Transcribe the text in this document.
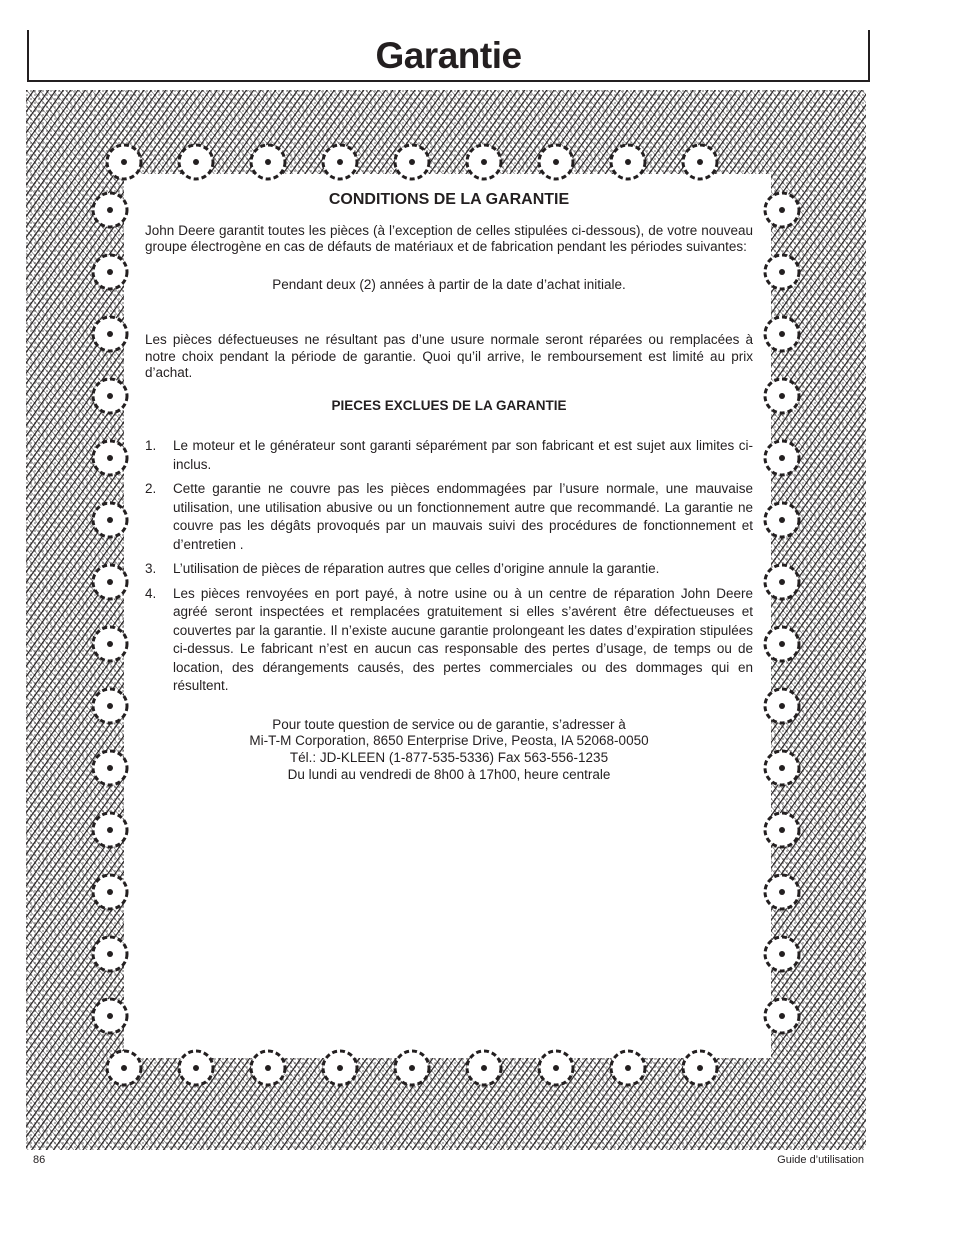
Garantie
CONDITIONS DE LA GARANTIE

John Deere garantit toutes les pièces (à l’exception de celles stipulées ci-dessous), de votre nouveau groupe électrogène en cas de défauts de matériaux et de fabrication pendant les périodes suivantes:

Pendant deux (2) années à partir de la date d’achat initiale.

Les pièces défectueuses ne résultant pas d’une usure normale seront réparées ou remplacées à notre choix pendant la période de garantie. Quoi qu’il arrive, le remboursement est limité au prix d’achat.

PIECES EXCLUES DE LA GARANTIE
1. Le moteur et le générateur sont garanti séparément par son fabricant et est sujet aux limites ci-inclus.
2. Cette garantie ne couvre pas les pièces endommagées par l’usure normale, une mauvaise utilisation, une utilisation abusive ou un fonctionnement autre que recommandé. La garantie ne couvre pas les dégâts provoqués par un mauvais suivi des procédures de fonctionnement et d’entretien .
3. L’utilisation de pièces de réparation autres que celles d’origine annule la garantie.
4. Les pièces renvoyées en port payé, à notre usine ou à un centre de réparation John Deere agréé seront inspectées et remplacées gratuitement si elles s’avérent être défectueuses et couvertes par la garantie. Il n’existe aucune garantie prolongeant les dates d’expiration stipulées ci-dessus. Le fabricant n’est en aucun cas responsable des pertes d’usage, de temps ou de location, des dérangements causés, des pertes commerciales ou des dommages qui en résultent.
Pour toute question de service ou de garantie, s’adresser à
Mi-T-M Corporation, 8650 Enterprise Drive, Peosta, IA 52068-0050
Tél.: JD-KLEEN (1-877-535-5336) Fax 563-556-1235
Du lundi au vendredi de 8h00 à 17h00, heure centrale
86	Guide d’utilisation
